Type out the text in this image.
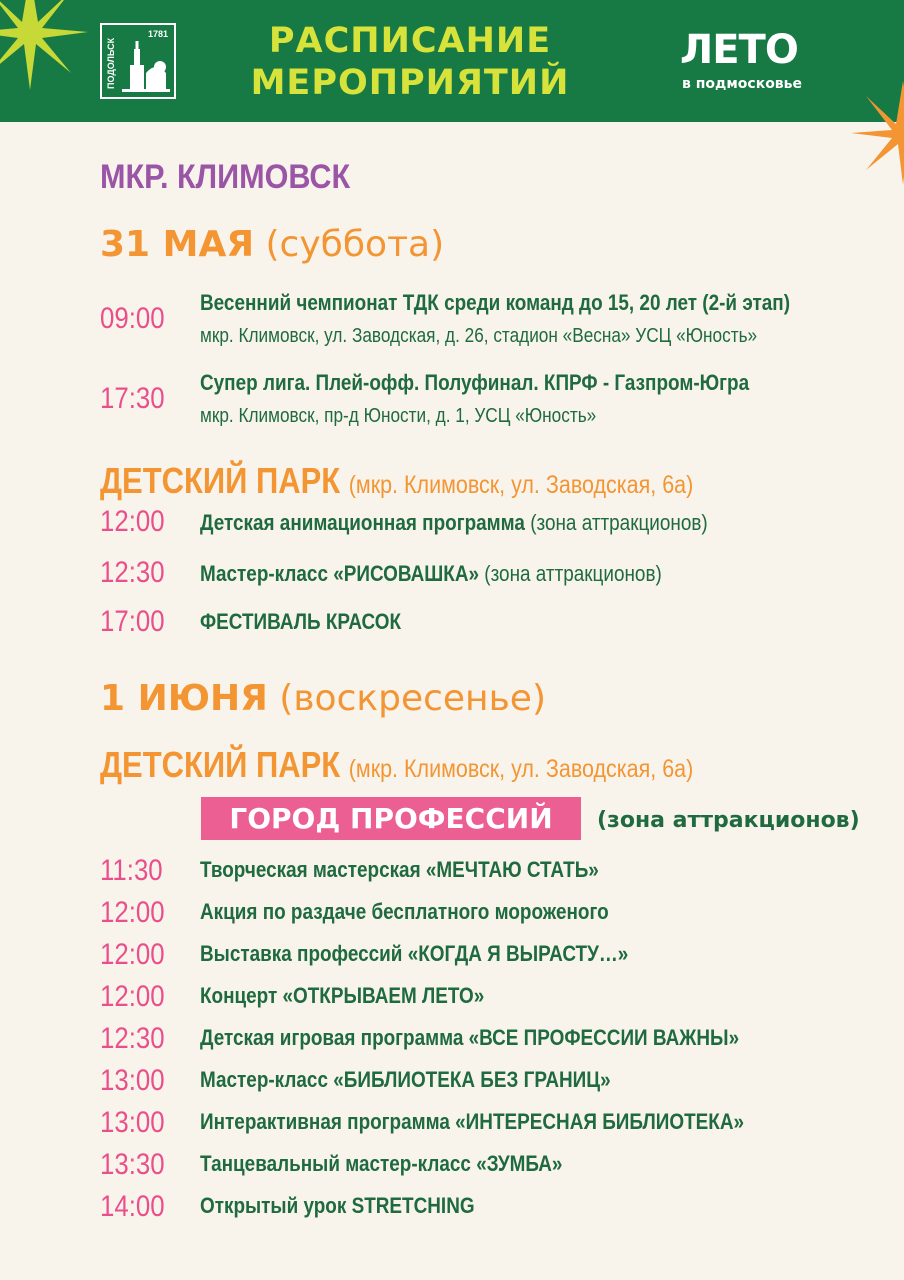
ПОДОЛЬСК
1781	РАСПИСАНИЕ
МЕРОПРИЯТИЙ
ЛЕТО
в подмосковье
МКР. КЛИМОВСК
31 МАЯ (суббота)
09:00 Весенний чемпионат ТДК среди команд до 15, 20 лет (2-й этап)
мкр. Климовск, ул. Заводская, д. 26, стадион «Весна» УСЦ «Юность»
17:30 Супер лига. Плей-офф. Полуфинал. КПРФ - Газпром-Югра
мкр. Климовск, пр-д Юности, д. 1, УСЦ «Юность»
ДЕТСКИЙ ПАРК (мкр. Климовск, ул. Заводская, 6а)
12:00 Детская анимационная программа (зона аттракционов)
12:30 Мастер-класс «РИСОВАШКА» (зона аттракционов)
17:00 ФЕСТИВАЛЬ КРАСОК
1 ИЮНЯ (воскресенье)
ДЕТСКИЙ ПАРК (мкр. Климовск, ул. Заводская, 6а)
ГОРОД ПРОФЕССИЙ	(зона аттракционов)
11:30 Творческая мастерская «МЕЧТАЮ СТАТЬ»
12:00 Акция по раздаче бесплатного мороженого
12:00 Выставка профессий «КОГДА Я ВЫРАСТУ…»
12:00 Концерт «ОТКРЫВАЕМ ЛЕТО»
12:30 Детская игровая программа «ВСЕ ПРОФЕССИИ ВАЖНЫ»
13:00 Мастер-класс «БИБЛИОТЕКА БЕЗ ГРАНИЦ»
13:00 Интерактивная программа «ИНТЕРЕСНАЯ БИБЛИОТЕКА»
13:30 Танцевальный мастер-класс «ЗУМБА»
14:00 Открытый урок STRETCHING
